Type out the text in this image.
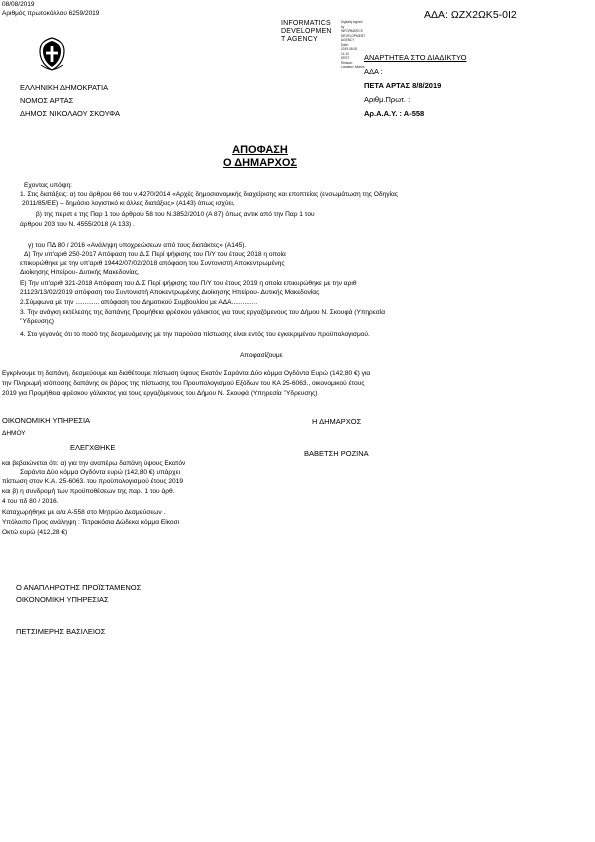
08/08/2019
Αριθμός πρωτοκόλλου 6259/2019
INFORMATICS
DEVELOPMEN
T AGENCY
Digitally signed by
INFORMATICS
DEVELOPMENT AGENCY
Date: 2019.08.08 11:10
EEST
Reason:
Location: Athens
ΑΔΑ: ΩΖΧ2ΩΚ5-0Ι2
ΕΛΛΗΝΙΚΗ ΔΗΜΟΚΡΑΤΙΑ
ΝΟΜΟΣ ΑΡΤΑΣ
ΔΗΜΟΣ ΝΙΚΟΛΑΟΥ ΣΚΟΥΦΑ
ΑΝΑΡΤΗΤΕΑ ΣΤΟ ΔΙΑΔΙΚΤΥΟ
ΑΔΑ :
ΠΕΤΑ ΑΡΤΑΣ 8/8/2019
Αριθμ.Πρωτ. :
Αρ.Α.Α.Υ. : Α-558
ΑΠΟΦΑΣΗ
Ο ΔΗΜΑΡΧΟΣ
Εχοντας υπόψη:
1. Στις διατάξεις: α) του άρθρου 66 του ν.4270/2014 «Αρχές δημοσιονομικής διαχείρισης και εποπτείας (ενσωμάτωση της Οδηγίας
2011/85/ΕΕ) – δημόσιο λογιστικό κι άλλες διατάξεις» (Α143) όπως ισχύει,
β) της περιπ ε της Παρ 1 του άρθρου 58 του Ν.3852/2010 (Α 87) όπως αντικ από την Παρ 1 του
άρθρου 203 του Ν. 4555/2018 (Α 133) .
γ) του ΠΔ 80 / 2016 «Ανάληψη υποχρεώσεων από τους διατάκτες» (Α145).
Δ) Την υπ'αριθ 250-2017 Απόφαση του Δ.Σ Περί ψήφισης του Π/Υ του έτους 2018 η οποία
επικυρώθηκε με την υπ'αριθ 19442/07/02/2018 απόφαση του Συντονιστή Αποκεντρωμένης
Διοίκησης Ηπείρου- Δυτικής Μακεδονίας.
Ε) Την υπ'αριθ 321-2018 Απόφαση του Δ.Σ Περί ψήφισης του Π/Υ του έτους 2019 η οποία επικυρώθηκε με την αριθ
21123/13/02/2019 απόφαση του Συντονιστή Αποκεντρωμένης Διοίκησης Ηπείρου- Δυτικής Μακεδονίας
2.Σύμφωνα με την ............. απόφαση του Δημοτικού Συμβουλίου με ΑΔΑ..............
3. Την ανάγκη εκτέλεσης της δαπάνης Προμήθεια φρέσκου γάλακτος για τους εργαζόμενους του Δήμου Ν. Σκουφά (Υπηρεσία
'Ύδρευσης)
4. Στο γεγονός ότι το ποσό της δεσμευόμενης με την παρούσα πίστωσης είναι εντός του εγκεκριμένου προϋπολογισμού.
Αποφασίζουμε
Εγκρίνουμε τη δαπάνη, δεσμεύουμε και διαθέτουμε πίστωση ύψους Εκατόν Σαράντα Δύο κόμμα Ογδόντα Ευρώ (142,80 €) για
την Πληρωμή ισόποσης δαπάνης σε βάρος της πίστωσης του Προυπολογισμού Εξόδων του ΚΑ 25-6063., οικονομικού έτους
2019 για Προμήθεια φρέσκου γάλακτος για τους εργαζόμενους του Δήμου Ν. Σκουφά (Υπηρεσία 'Ύδρευσης)
ΟΙΚΟΝΟΜΙΚΗ ΥΠΗΡΕΣΙΑ
ΔΗΜΟΥ
ΕΛΕΓΧΘΗΚΕ
και βεβαιώνεται ότι: α) για την αναπέρω δαπάνη ύψους Εκατόν
Σαράντα Δύο κόμμα Ογδόντα ευρώ (142,80 €) υπάρχει
πίστωση στον Κ.Α. 25-6063. του προϋπολογισμού έτους 2019
και β) η συνδρομή των προϋποθέσεων της παρ. 1 του άρθ.
4 του πδ 80 / 2016.
Καταχωρήθηκε με α/α Α-558 στο Μητρώο Δεσμεύσεων .
Υπόλοιπο Προς ανάληψη : Τετρακόσια Δώδεκα κόμμα Είκοσι
Οκτώ ευρώ (412,28 €)
Ο ΑΝΑΠΛΗΡΩΤΗΣ ΠΡΟΪΣΤΑΜΕΝΟΣ
ΟΙΚΟΝΟΜΙΚΗ ΥΠΗΡΕΣΙΑΣ
ΠΕΤΣΙΜΕΡΗΣ ΒΑΣΙΛΕΙΟΣ
Η ΔΗΜΑΡΧΟΣ
ΒΑΒΕΤΣΗ ΡΟΖΙΝΑ
